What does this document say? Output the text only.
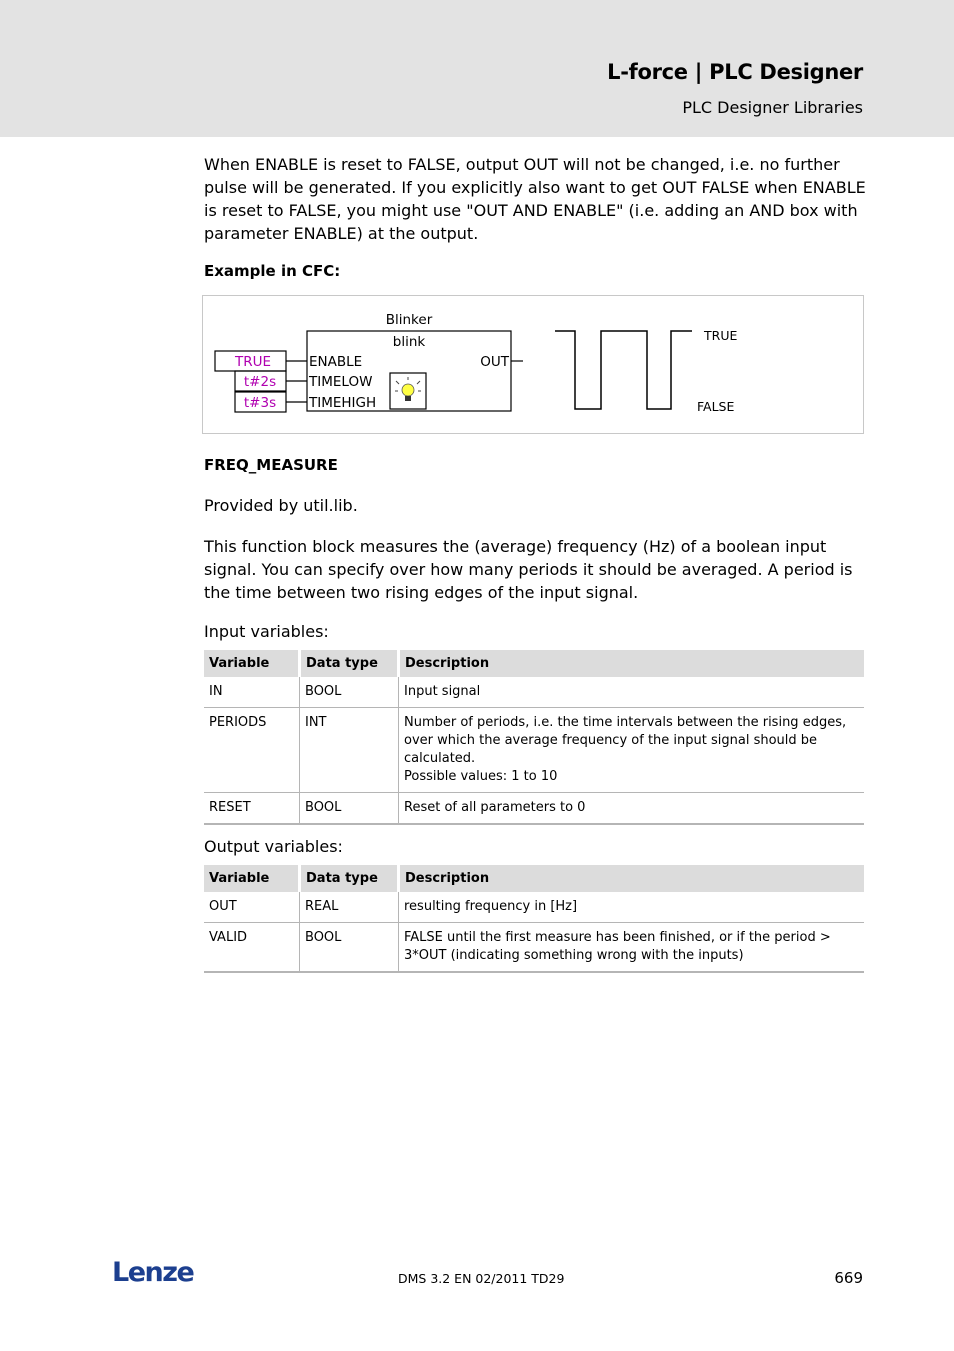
L-force | PLC Designer
PLC Designer Libraries

When ENABLE is reset to FALSE, output OUT will not be changed, i.e. no further pulse will be generated. If you explicitly also want to get OUT FALSE when ENABLE is reset to FALSE, you might use "OUT AND ENABLE" (i.e. adding an AND box with parameter ENABLE) at the output.

Example in CFC:
Blinker
blink
TRUE
t#2s
t#3s
ENABLE
TIMELOW
TIMEHIGH
OUT
TRUE
FALSE
FREQ_MEASURE

Provided by util.lib.

This function block measures the (average) frequency (Hz) of a boolean input signal. You can specify over how many periods it should be averaged. A period is the time between two rising edges of the input signal.

Input variables:
Variable	Data type	Description
IN	BOOL	Input signal
PERIODS	INT	Number of periods, i.e. the time intervals between the rising edges, over which the average frequency of the input signal should be calculated.
Possible values: 1 to 10
RESET	BOOL	Reset of all parameters to 0
Output variables:
Variable	Data type	Description
OUT	REAL	resulting frequency in [Hz]
VALID	BOOL	FALSE until the first measure has been finished, or if the period > 3*OUT (indicating something wrong with the inputs)
Lenze	DMS 3.2 EN 02/2011 TD29	669
